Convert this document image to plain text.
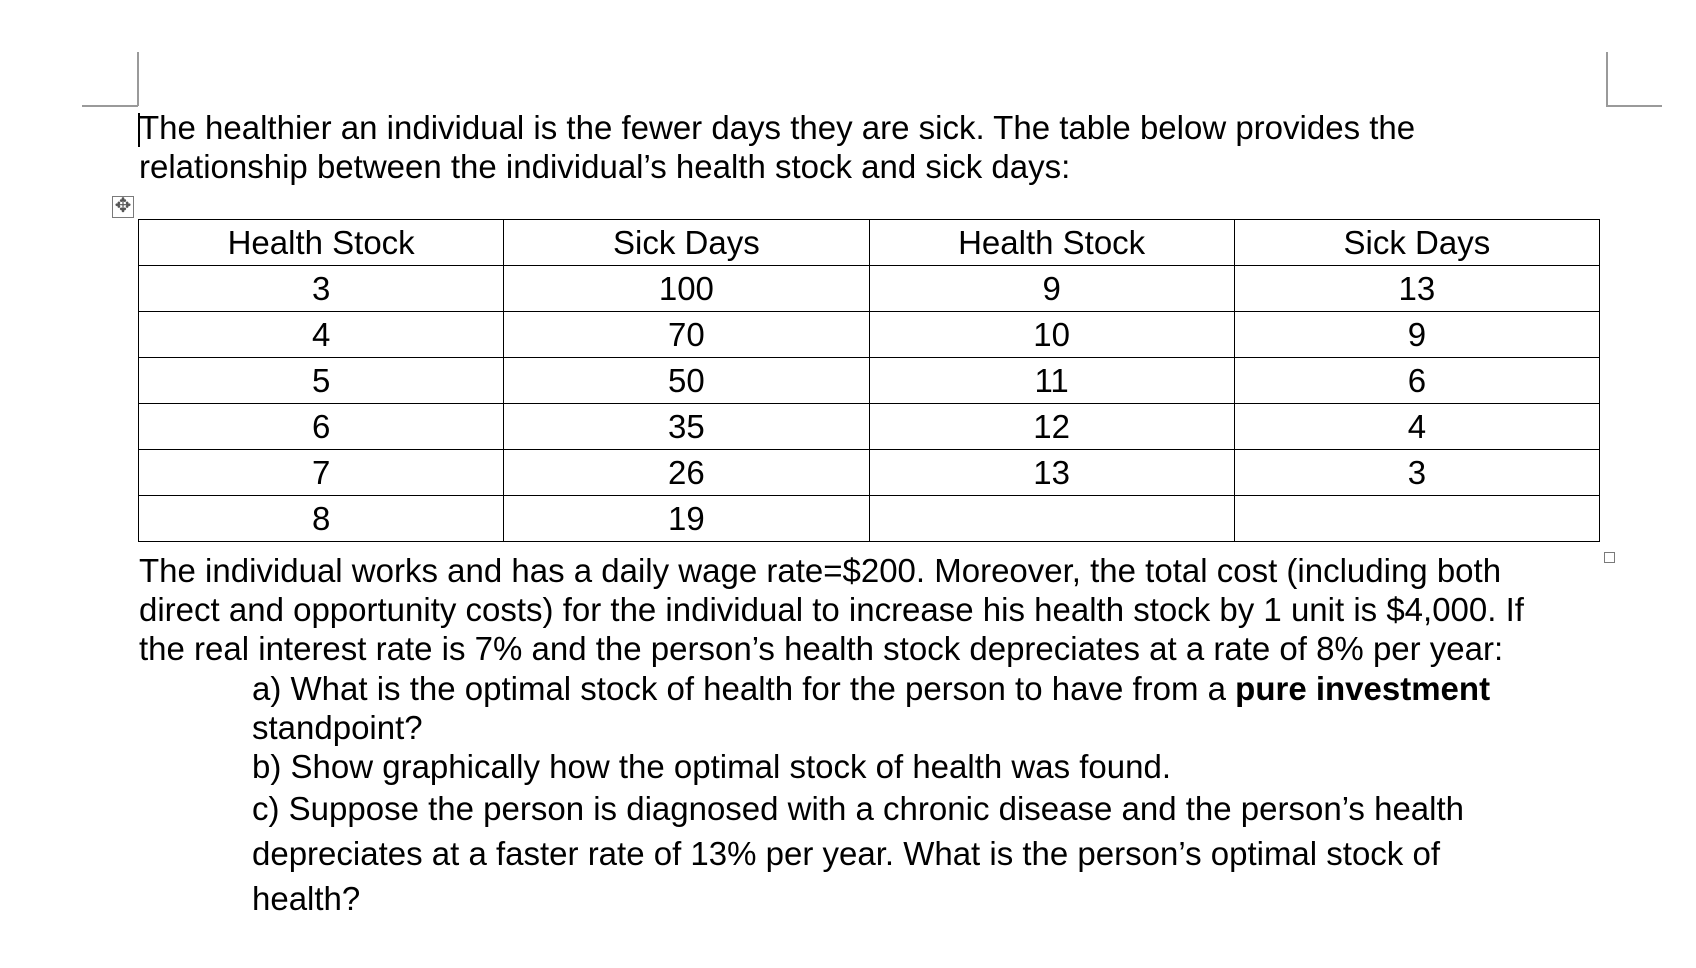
The healthier an individual is the fewer days they are sick. The table below provides the
relationship between the individual’s health stock and sick days:
✥
Health Stock	Sick Days	Health Stock	Sick Days
3	100	9	13
4	70	10	9
5	50	11	6
6	35	12	4
7	26	13	3
8	19		
The individual works and has a daily wage rate=$200. Moreover, the total cost (including both
direct and opportunity costs) for the individual to increase his health stock by 1 unit is $4,000. If
the real interest rate is 7% and the person’s health stock depreciates at a rate of 8% per year:
a) What is the optimal stock of health for the person to have from a pure investment
standpoint?
b) Show graphically how the optimal stock of health was found.
c) Suppose the person is diagnosed with a chronic disease and the person’s health
depreciates at a faster rate of 13% per year. What is the person’s optimal stock of
health?
